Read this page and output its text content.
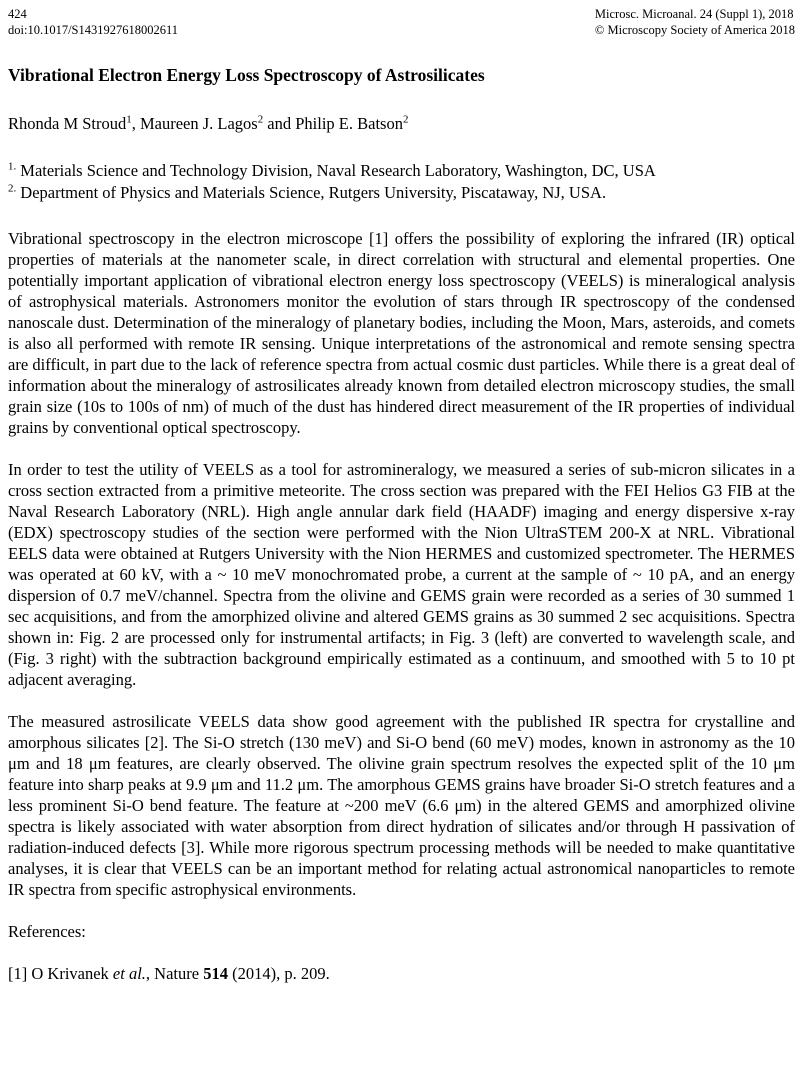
424
doi:10.1017/S1431927618002611
Microsc. Microanal. 24 (Suppl 1), 2018
© Microscopy Society of America 2018
Vibrational Electron Energy Loss Spectroscopy of Astrosilicates

Rhonda M Stroud$^1$, Maureen J. Lagos$^2$ and Philip E. Batson$^2$

$^{1.}$ Materials Science and Technology Division, Naval Research Laboratory, Washington, DC, USA

$^{2.}$ Department of Physics and Materials Science, Rutgers University, Piscataway, NJ, USA.

Vibrational spectroscopy in the electron microscope [1] offers the possibility of exploring the infrared (IR) optical properties of materials at the nanometer scale, in direct correlation with structural and elemental properties. One potentially important application of vibrational electron energy loss spectroscopy (VEELS) is mineralogical analysis of astrophysical materials. Astronomers monitor the evolution of stars through IR spectroscopy of the condensed nanoscale dust. Determination of the mineralogy of planetary bodies, including the Moon, Mars, asteroids, and comets is also all performed with remote IR sensing. Unique interpretations of the astronomical and remote sensing spectra are difficult, in part due to the lack of reference spectra from actual cosmic dust particles. While there is a great deal of information about the mineralogy of astrosilicates already known from detailed electron microscopy studies, the small grain size (10s to 100s of nm) of much of the dust has hindered direct measurement of the IR properties of individual grains by conventional optical spectroscopy.

In order to test the utility of VEELS as a tool for astromineralogy, we measured a series of sub-micron silicates in a cross section extracted from a primitive meteorite. The cross section was prepared with the FEI Helios G3 FIB at the Naval Research Laboratory (NRL). High angle annular dark field (HAADF) imaging and energy dispersive x-ray (EDX) spectroscopy studies of the section were performed with the Nion UltraSTEM 200-X at NRL. Vibrational EELS data were obtained at Rutgers University with the Nion HERMES and customized spectrometer. The HERMES was operated at 60 kV, with a ~ 10 meV monochromated probe, a current at the sample of ~ 10 pA, and an energy dispersion of 0.7 meV/channel. Spectra from the olivine and GEMS grain were recorded as a series of 30 summed 1 sec acquisitions, and from the amorphized olivine and altered GEMS grains as 30 summed 2 sec acquisitions. Spectra shown in: Fig. 2 are processed only for instrumental artifacts; in Fig. 3 (left) are converted to wavelength scale, and (Fig. 3 right) with the subtraction background empirically estimated as a continuum, and smoothed with 5 to 10 pt adjacent averaging.

The measured astrosilicate VEELS data show good agreement with the published IR spectra for crystalline and amorphous silicates [2]. The Si-O stretch (130 meV) and Si-O bend (60 meV) modes, known in astronomy as the 10 μm and 18 μm features, are clearly observed. The olivine grain spectrum resolves the expected split of the 10 μm feature into sharp peaks at 9.9 μm and 11.2 μm. The amorphous GEMS grains have broader Si-O stretch features and a less prominent Si-O bend feature. The feature at ~200 meV (6.6 μm) in the altered GEMS and amorphized olivine spectra is likely associated with water absorption from direct hydration of silicates and/or through H passivation of radiation-induced defects [3]. While more rigorous spectrum processing methods will be needed to make quantitative analyses, it is clear that VEELS can be an important method for relating actual astronomical nanoparticles to remote IR spectra from specific astrophysical environments.

References:

[1] O Krivanek et al., Nature 514 (2014), p. 209.
